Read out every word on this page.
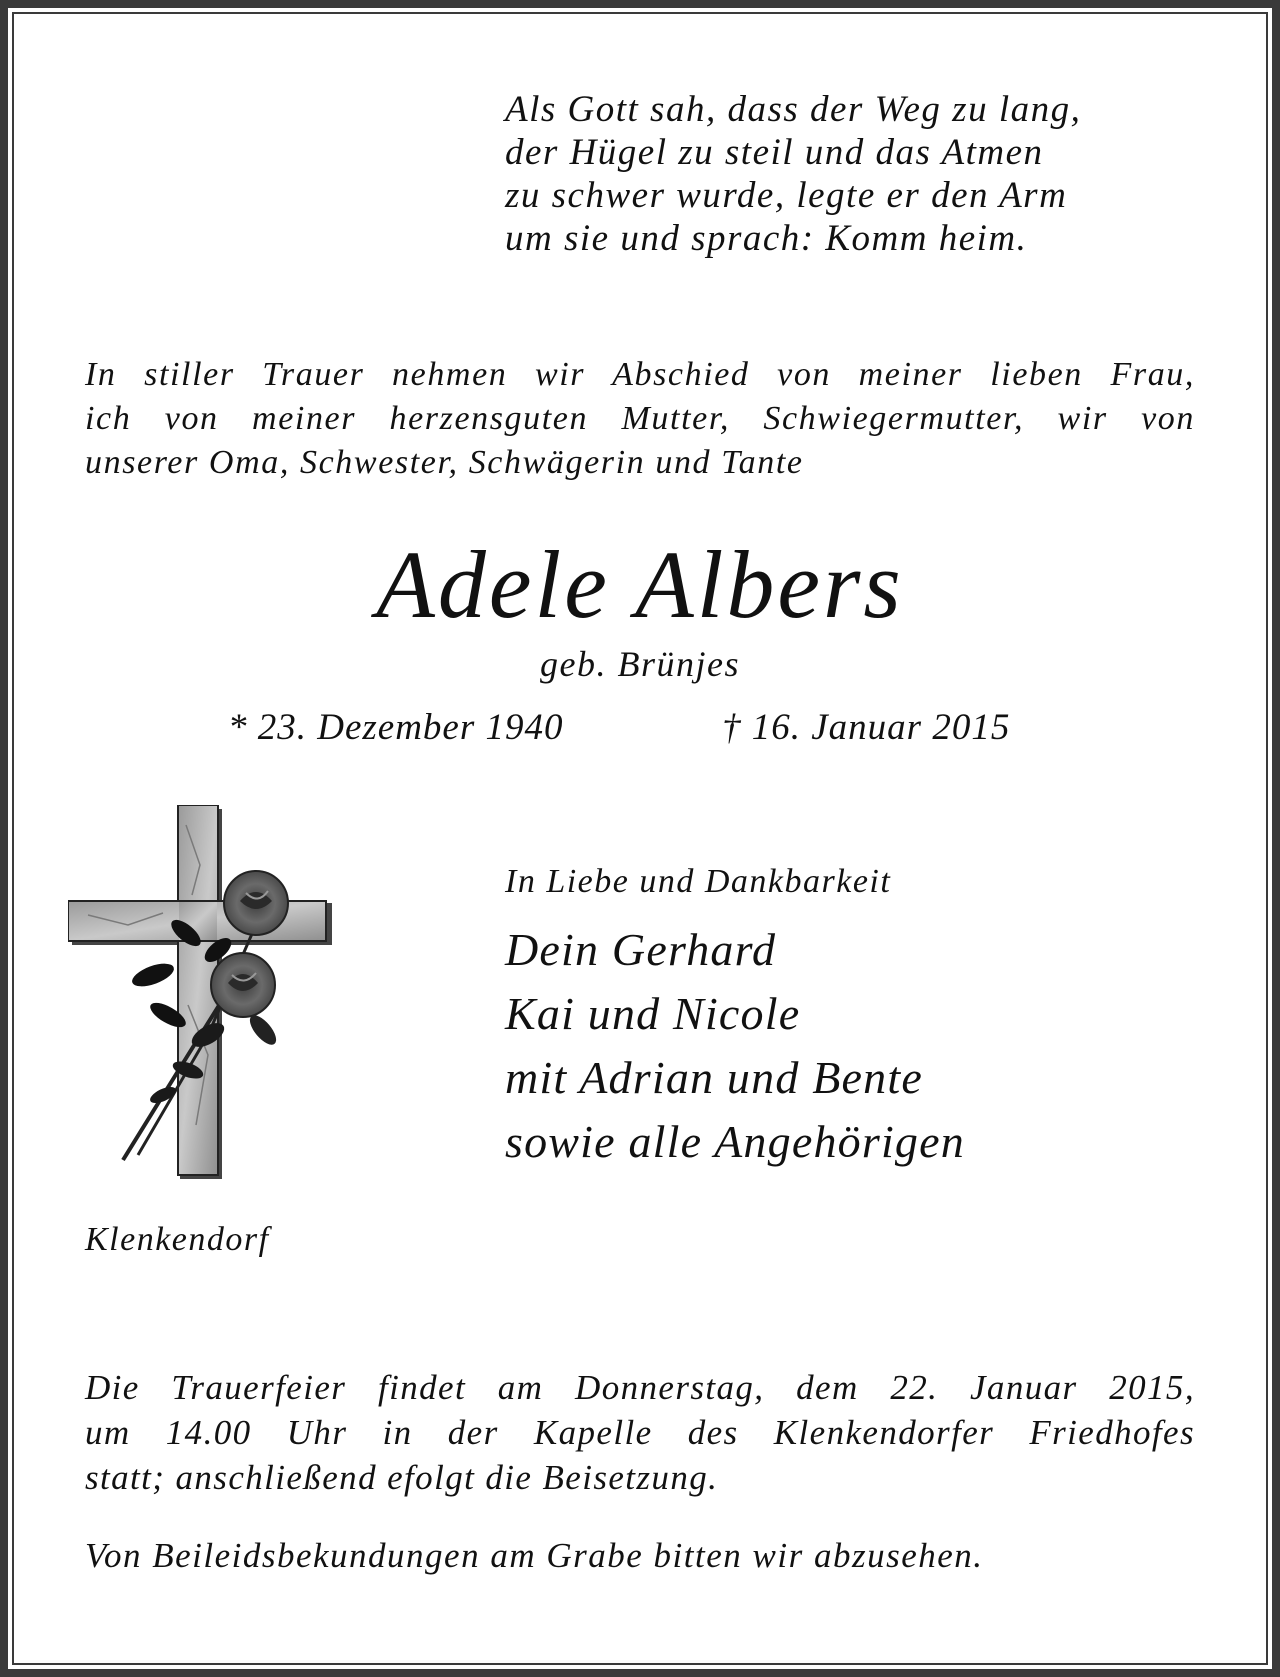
Als Gott sah, dass der Weg zu lang,
der Hügel zu steil und das Atmen
zu schwer wurde, legte er den Arm
um sie und sprach: Komm heim.
In stiller Trauer nehmen wir Abschied von meiner lieben Frau,
ich von meiner herzensguten Mutter, Schwiegermutter, wir von
unserer Oma, Schwester, Schwägerin und Tante
Adele Albers
geb. Brünjes
* 23. Dezember 1940	† 16. Januar 2015
In Liebe und Dankbarkeit
Dein Gerhard
Kai und Nicole
mit Adrian und Bente
sowie alle Angehörigen
Klenkendorf
Die Trauerfeier findet am Donnerstag, dem 22. Januar 2015,
um 14.00 Uhr in der Kapelle des Klenkendorfer Friedhofes
statt; anschließend efolgt die Beisetzung.
Von Beileidsbekundungen am Grabe bitten wir abzusehen.
